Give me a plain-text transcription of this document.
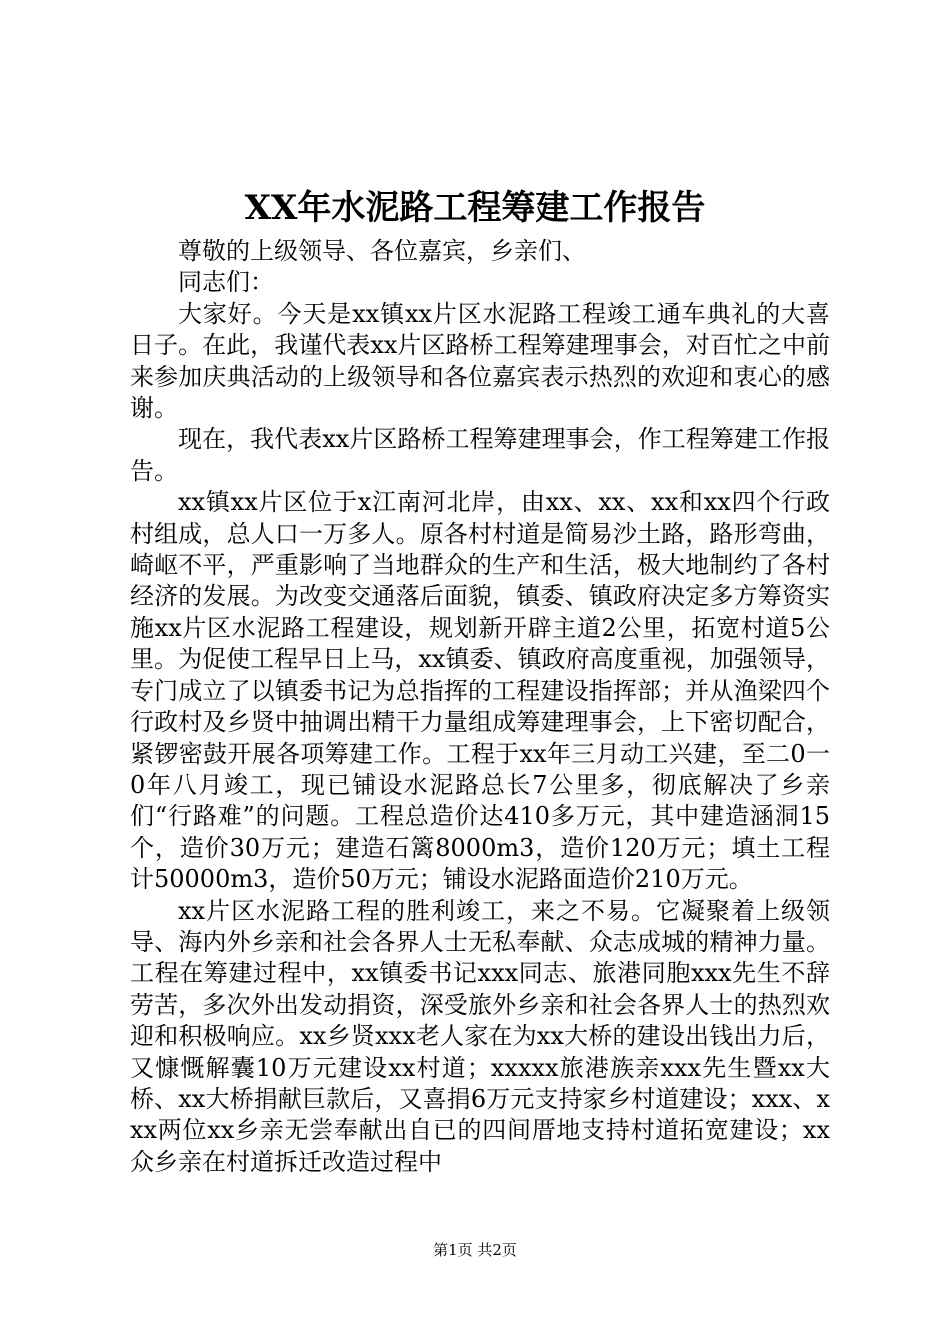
XX年水泥路工程筹建工作报告

尊敬的上级领导、各位嘉宾，乡亲们、

同志们：

大家好。今天是xx镇xx片区水泥路工程竣工通车典礼的大喜日子。在此，我谨代表xx片区路桥工程筹建理事会，对百忙之中前来参加庆典活动的上级领导和各位嘉宾表示热烈的欢迎和衷心的感谢。

现在，我代表xx片区路桥工程筹建理事会，作工程筹建工作报告。

xx镇xx片区位于x江南河北岸，由xx、xx、xx和xx四个行政村组成，总人口一万多人。原各村村道是简易沙土路，路形弯曲，崎岖不平，严重影响了当地群众的生产和生活，极大地制约了各村经济的发展。为改变交通落后面貌，镇委、镇政府决定多方筹资实施xx片区水泥路工程建设，规划新开辟主道2公里，拓宽村道5公里。为促使工程早日上马，xx镇委、镇政府高度重视，加强领导，专门成立了以镇委书记为总指挥的工程建设指挥部；并从渔梁四个行政村及乡贤中抽调出精干力量组成筹建理事会，上下密切配合，紧锣密鼓开展各项筹建工作。工程于xx年三月动工兴建，至二0一0年八月竣工，现已铺设水泥路总长7公里多，彻底解决了乡亲们“行路难”的问题。工程总造价达410多万元，其中建造涵洞15个，造价30万元；建造石篱8000m3，造价120万元；填土工程计50000m3，造价50万元；铺设水泥路面造价210万元。

xx片区水泥路工程的胜利竣工，来之不易。它凝聚着上级领导、海内外乡亲和社会各界人士无私奉献、众志成城的精神力量。工程在筹建过程中，xx镇委书记xxx同志、旅港同胞xxx先生不辞劳苦，多次外出发动捐资，深受旅外乡亲和社会各界人士的热烈欢迎和积极响应。xx乡贤xxx老人家在为xx大桥的建设出钱出力后，又慷慨解囊10万元建设xx村道；xxxxx旅港族亲xxx先生暨xx大桥、xx大桥捐献巨款后，又喜捐6万元支持家乡村道建设；xxx、xxx两位xx乡亲无尝奉献出自已的四间厝地支持村道拓宽建设；xx众乡亲在村道拆迁改造过程中

第1页 共2页
